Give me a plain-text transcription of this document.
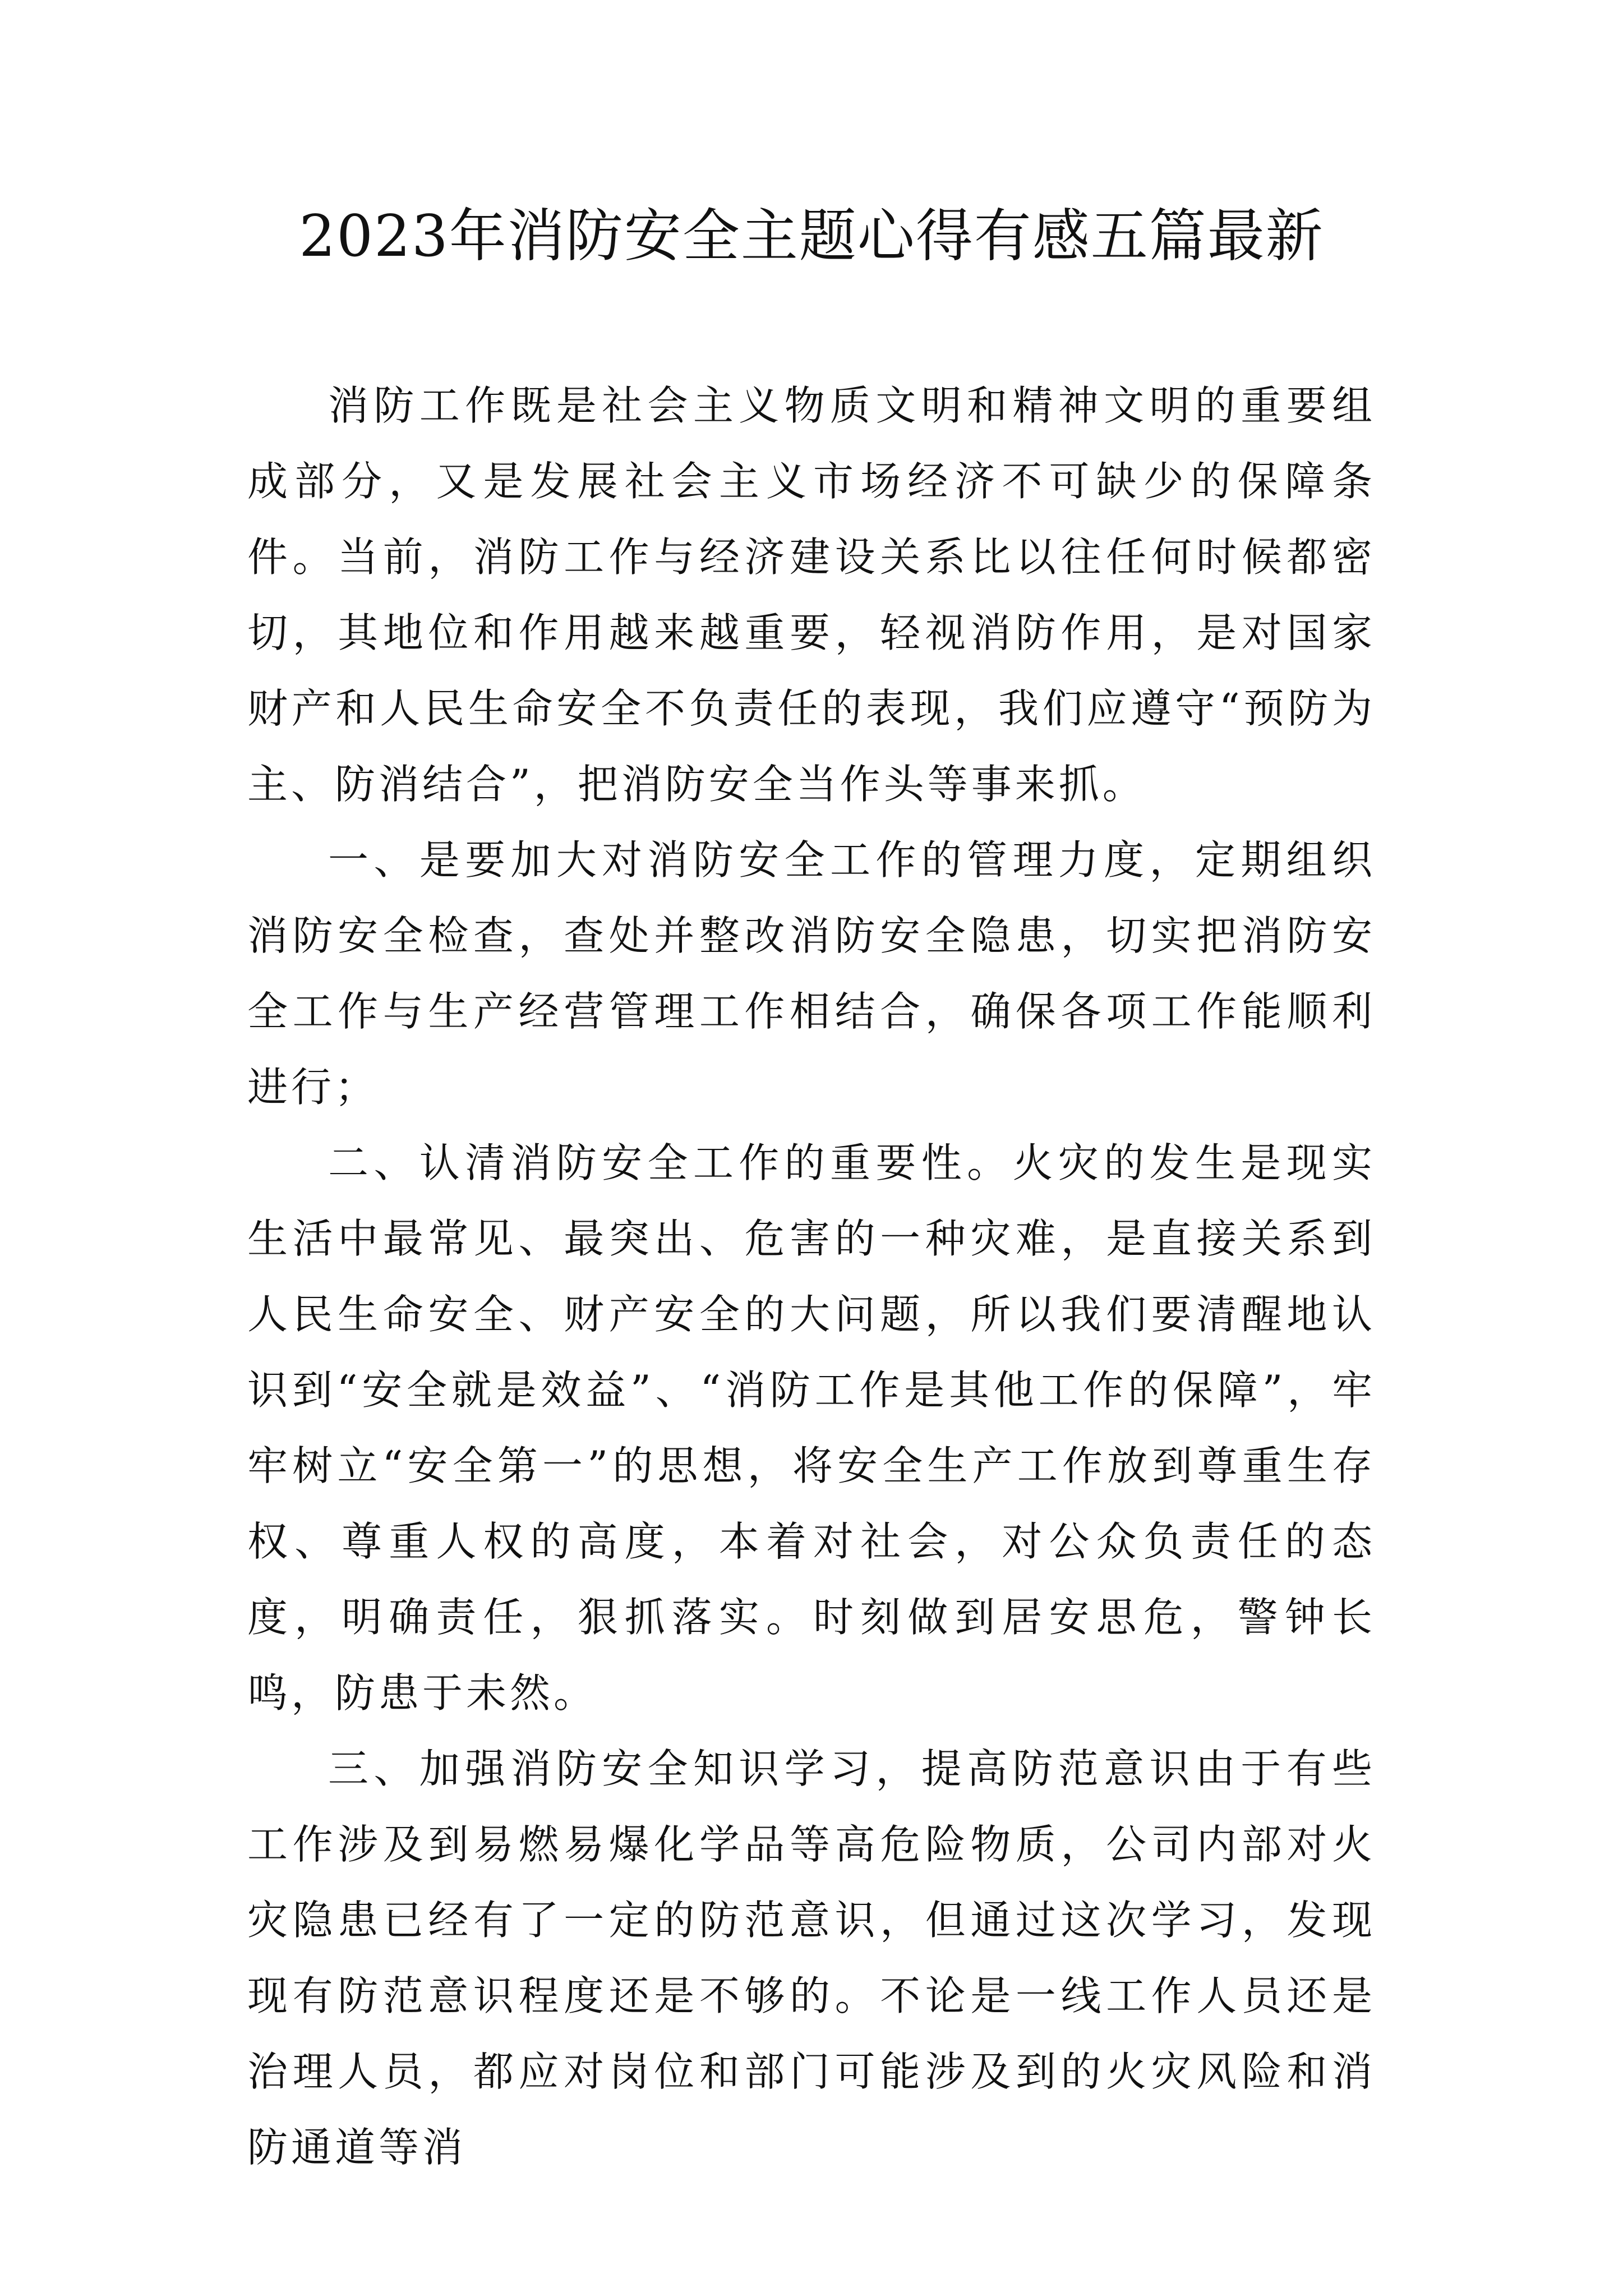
2023年消防安全主题心得有感五篇最新

消防工作既是社会主义物质文明和精神文明的重要组成部分，又是发展社会主义市场经济不可缺少的保障条件。当前，消防工作与经济建设关系比以往任何时候都密切，其地位和作用越来越重要，轻视消防作用，是对国家财产和人民生命安全不负责任的表现，我们应遵守“预防为主、防消结合”，把消防安全当作头等事来抓。

一、是要加大对消防安全工作的管理力度，定期组织消防安全检查，查处并整改消防安全隐患，切实把消防安全工作与生产经营管理工作相结合，确保各项工作能顺利进行；

二、认清消防安全工作的重要性。火灾的发生是现实生活中最常见、最突出、危害的一种灾难，是直接关系到人民生命安全、财产安全的大问题，所以我们要清醒地认识到“安全就是效益”、“消防工作是其他工作的保障”，牢牢树立“安全第一”的思想，将安全生产工作放到尊重生存权、尊重人权的高度，本着对社会，对公众负责任的态度，明确责任，狠抓落实。时刻做到居安思危，警钟长鸣，防患于未然。

三、加强消防安全知识学习，提高防范意识由于有些工作涉及到易燃易爆化学品等高危险物质，公司内部对火灾隐患已经有了一定的防范意识，但通过这次学习，发现现有防范意识程度还是不够的。不论是一线工作人员还是治理人员，都应对岗位和部门可能涉及到的火灾风险和消防通道等消
